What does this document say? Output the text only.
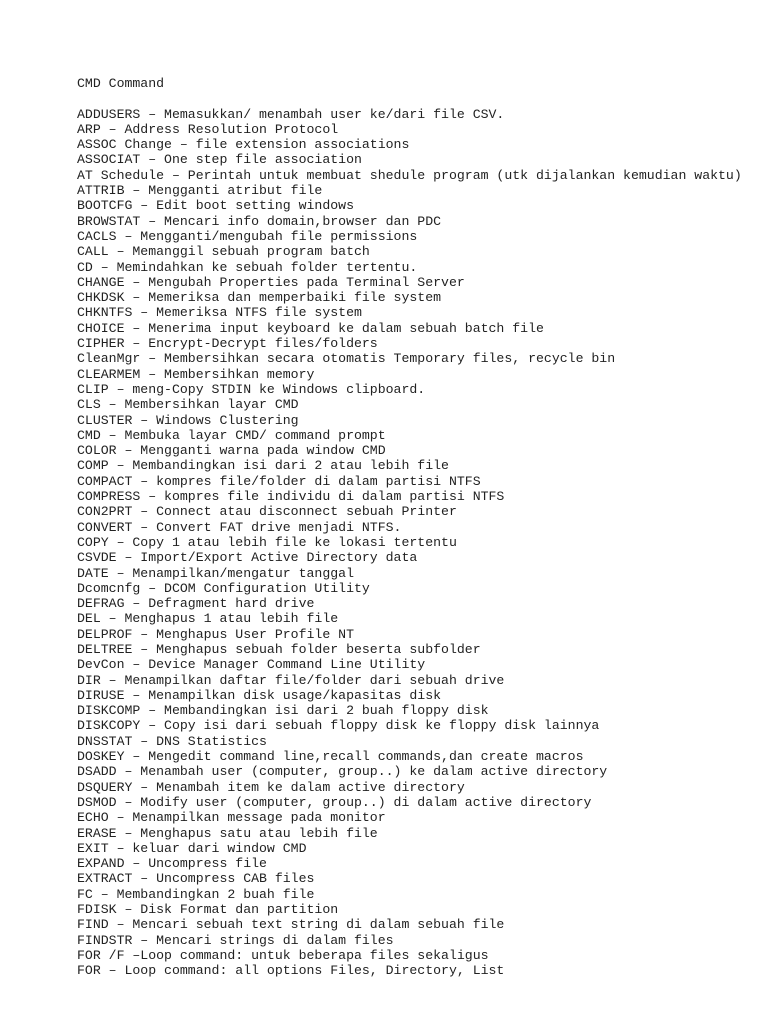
CMD Command
ADDUSERS – Memasukkan/ menambah user ke/dari file CSV.
ARP – Address Resolution Protocol
ASSOC Change – file extension associations
ASSOCIAT – One step file association
AT Schedule – Perintah untuk membuat shedule program (utk dijalankan kemudian waktu)
ATTRIB – Mengganti atribut file
BOOTCFG – Edit boot setting windows
BROWSTAT – Mencari info domain,browser dan PDC
CACLS – Mengganti/mengubah file permissions
CALL – Memanggil sebuah program batch
CD – Memindahkan ke sebuah folder tertentu.
CHANGE – Mengubah Properties pada Terminal Server
CHKDSK – Memeriksa dan memperbaiki file system
CHKNTFS – Memeriksa NTFS file system
CHOICE – Menerima input keyboard ke dalam sebuah batch file
CIPHER – Encrypt-Decrypt files/folders
CleanMgr – Membersihkan secara otomatis Temporary files, recycle bin
CLEARMEM – Membersihkan memory
CLIP – meng-Copy STDIN ke Windows clipboard.
CLS – Membersihkan layar CMD
CLUSTER – Windows Clustering
CMD – Membuka layar CMD/ command prompt
COLOR – Mengganti warna pada window CMD
COMP – Membandingkan isi dari 2 atau lebih file
COMPACT – kompres file/folder di dalam partisi NTFS
COMPRESS – kompres file individu di dalam partisi NTFS
CON2PRT – Connect atau disconnect sebuah Printer
CONVERT – Convert FAT drive menjadi NTFS.
COPY – Copy 1 atau lebih file ke lokasi tertentu
CSVDE – Import/Export Active Directory data
DATE – Menampilkan/mengatur tanggal
Dcomcnfg – DCOM Configuration Utility
DEFRAG – Defragment hard drive
DEL – Menghapus 1 atau lebih file
DELPROF – Menghapus User Profile NT
DELTREE – Menghapus sebuah folder beserta subfolder
DevCon – Device Manager Command Line Utility
DIR – Menampilkan daftar file/folder dari sebuah drive
DIRUSE – Menampilkan disk usage/kapasitas disk
DISKCOMP – Membandingkan isi dari 2 buah floppy disk
DISKCOPY – Copy isi dari sebuah floppy disk ke floppy disk lainnya
DNSSTAT – DNS Statistics
DOSKEY – Mengedit command line,recall commands,dan create macros
DSADD – Menambah user (computer, group..) ke dalam active directory
DSQUERY – Menambah item ke dalam active directory
DSMOD – Modify user (computer, group..) di dalam active directory
ECHO – Menampilkan message pada monitor
ERASE – Menghapus satu atau lebih file
EXIT – keluar dari window CMD
EXPAND – Uncompress file
EXTRACT – Uncompress CAB files
FC – Membandingkan 2 buah file
FDISK – Disk Format dan partition
FIND – Mencari sebuah text string di dalam sebuah file
FINDSTR – Mencari strings di dalam files
FOR /F –Loop command: untuk beberapa files sekaligus
FOR – Loop command: all options Files, Directory, List
